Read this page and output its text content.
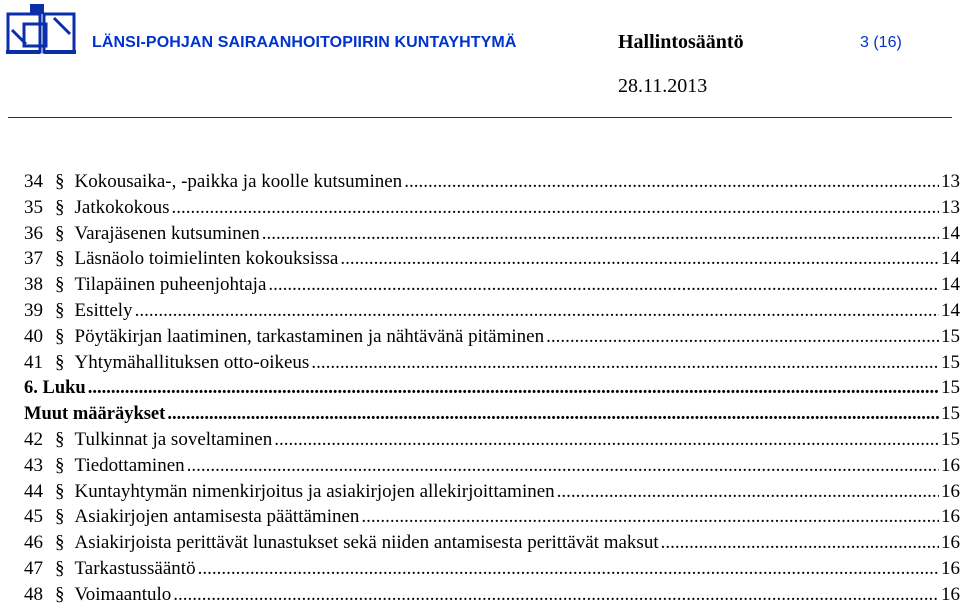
LÄNSI-POHJAN SAIRAANHOITOPIIRIN KUNTAYHTYMÄ	Hallintosääntö	3 (16)
28.11.2013
34 § Kokousaika-, -paikka ja koolle kutsuminen .....	13
35 § Jatkokokous .....	13
36 § Varajäsenen kutsuminen .....	14
37 § Läsnäolo toimielinten kokouksissa .....	14
38 § Tilapäinen puheenjohtaja .....	14
39 § Esittely .....	14
40 § Pöytäkirjan laatiminen, tarkastaminen ja nähtävänä pitäminen .....	15
41 § Yhtymähallituksen otto-oikeus .....	15
6. Luku .....	15
Muut määräykset .....	15
42 § Tulkinnat ja soveltaminen .....	15
43 § Tiedottaminen .....	16
44 § Kuntayhtymän nimenkirjoitus ja asiakirjojen allekirjoittaminen .....	16
45 § Asiakirjojen antamisesta päättäminen .....	16
46 § Asiakirjoista perittävät lunastukset sekä niiden antamisesta perittävät maksut .....	16
47 § Tarkastussääntö .....	16
48 § Voimaantulo .....	16
